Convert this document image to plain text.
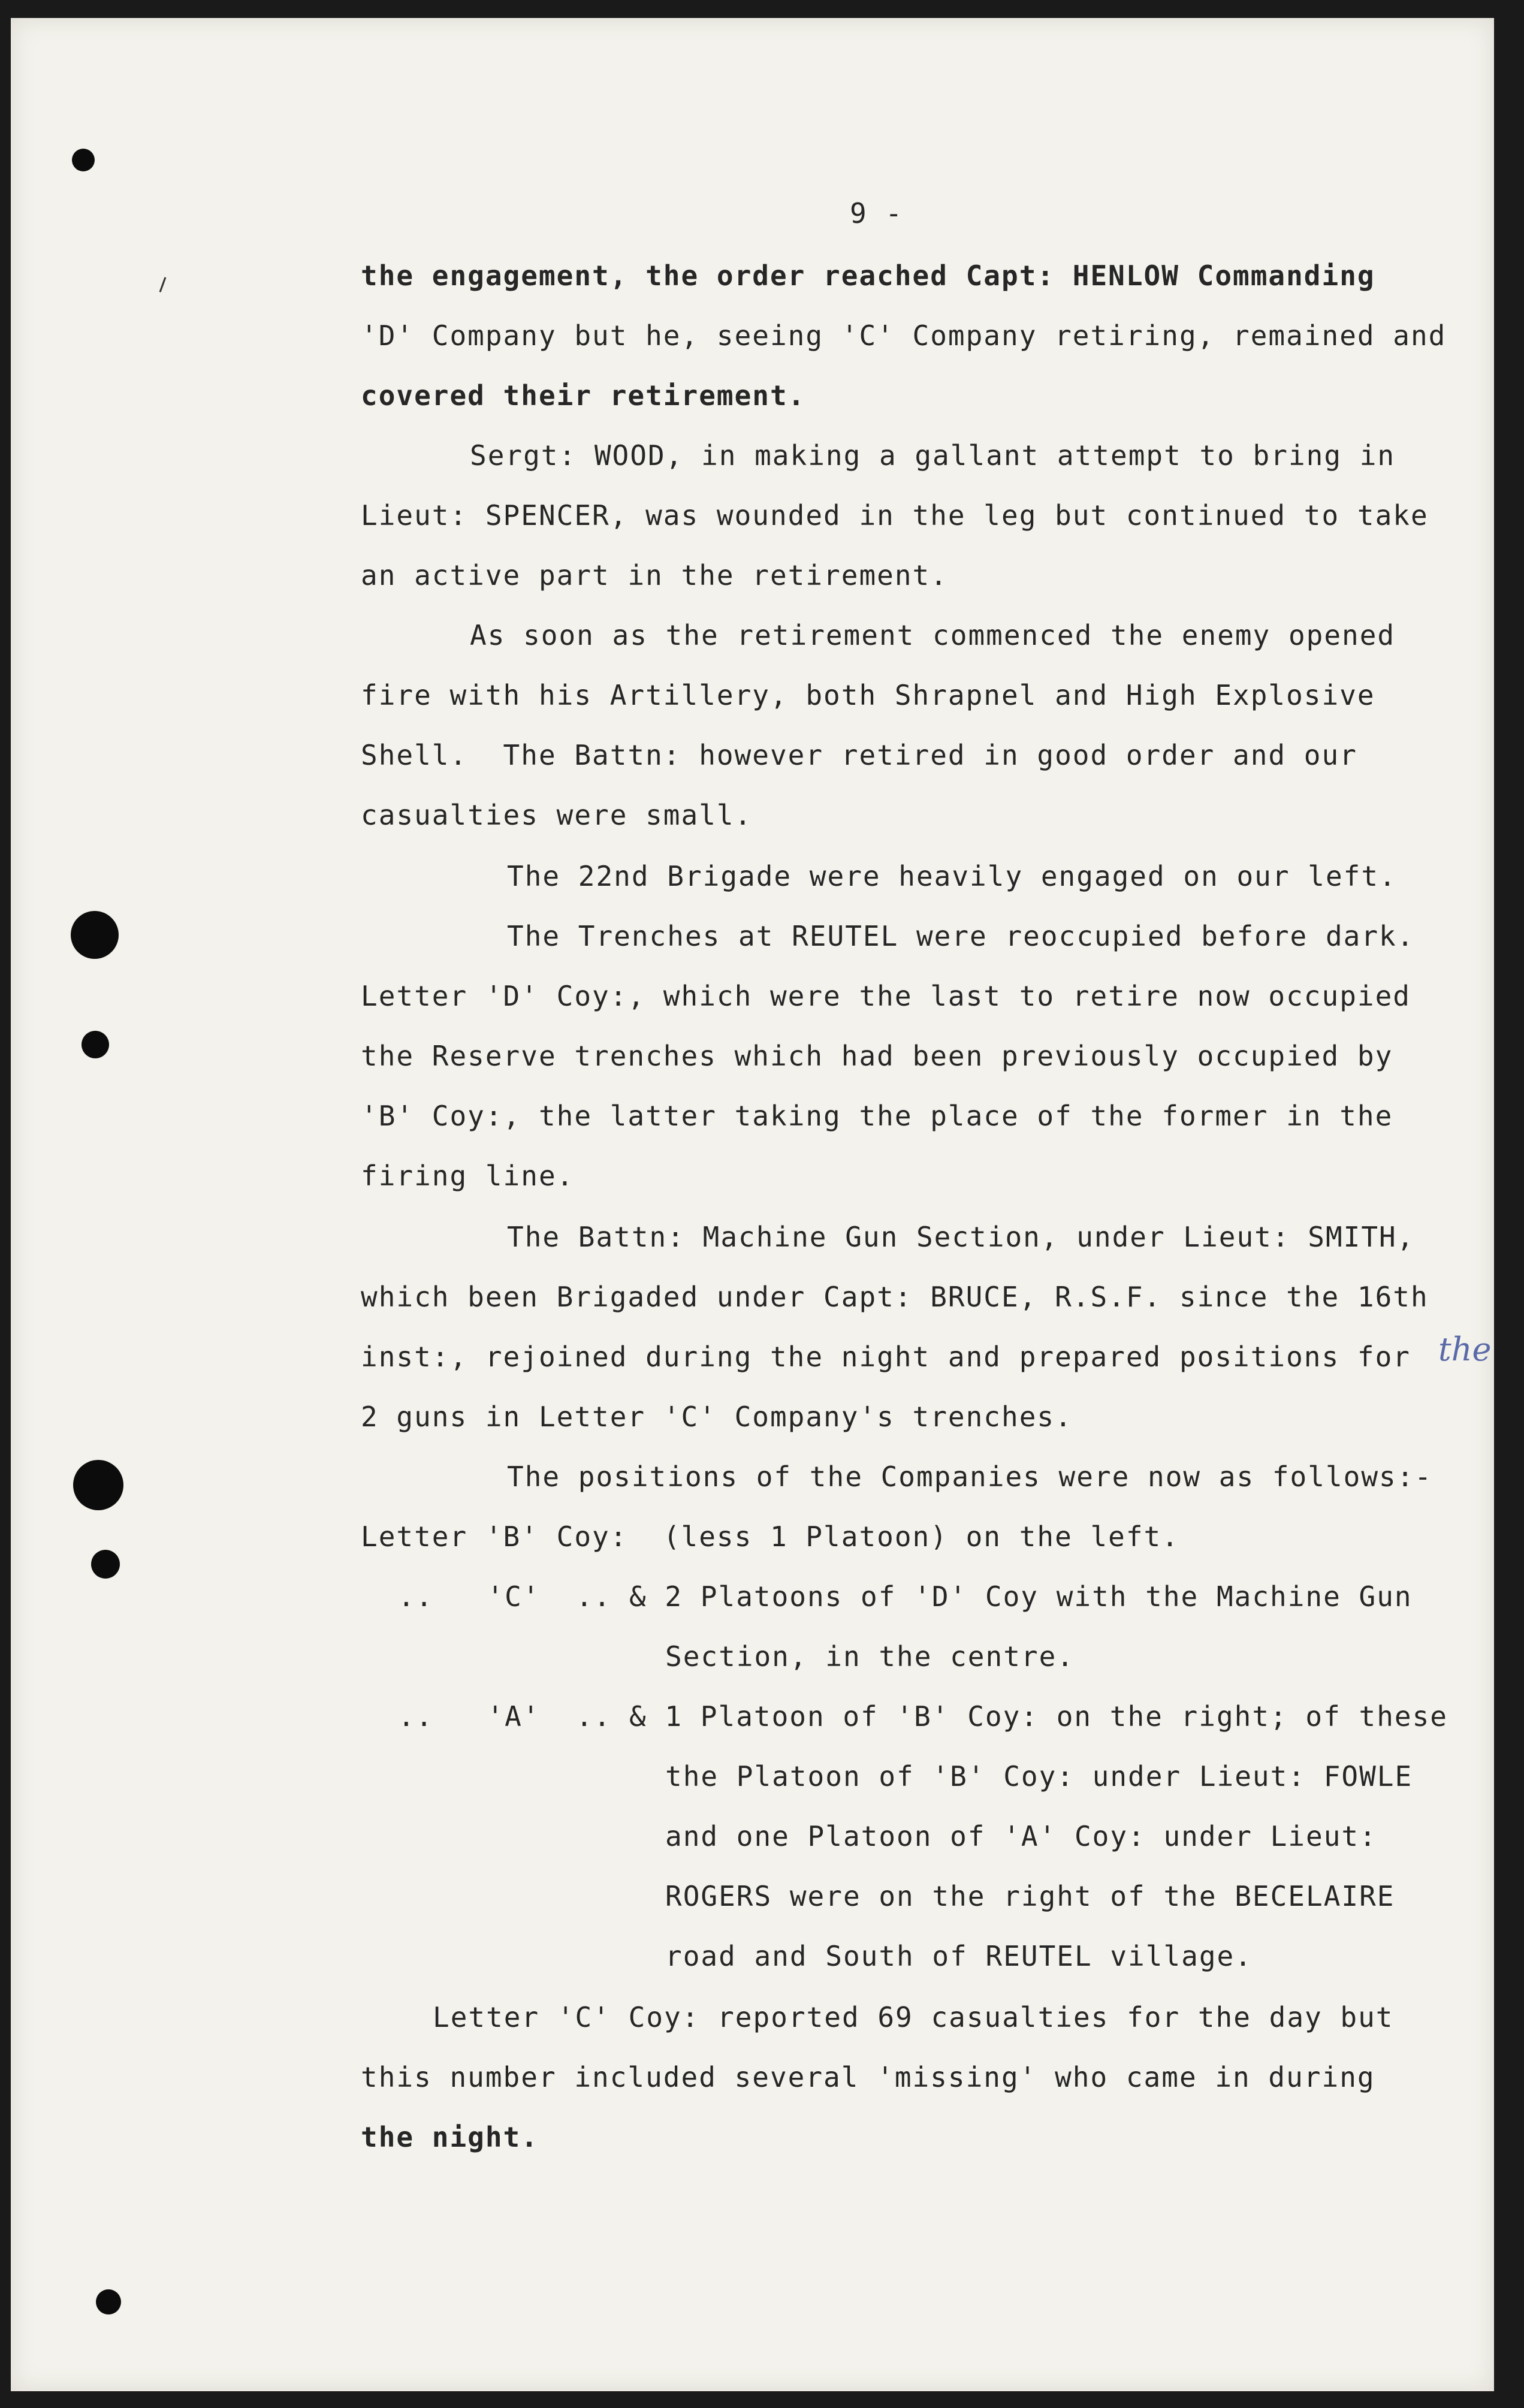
9 -
the engagement, the order reached Capt: HENLOW Commanding
'D' Company but he, seeing 'C' Company retiring, remained and
covered their retirement.
Sergt: WOOD, in making a gallant attempt to bring in
Lieut: SPENCER, was wounded in the leg but continued to take
an active part in the retirement.
As soon as the retirement commenced the enemy opened
fire with his Artillery, both Shrapnel and High Explosive
Shell.  The Battn: however retired in good order and our
casualties were small.
The 22nd Brigade were heavily engaged on our left.
The Trenches at REUTEL were reoccupied before dark.
Letter 'D' Coy:, which were the last to retire now occupied
the Reserve trenches which had been previously occupied by
'B' Coy:, the latter taking the place of the former in the
firing line.
The Battn: Machine Gun Section, under Lieut: SMITH,
which been Brigaded under Capt: BRUCE, R.S.F. since the 16th
inst:, rejoined during the night and prepared positions for the
2 guns in Letter 'C' Company's trenches.
The positions of the Companies were now as follows:-
Letter 'B' Coy:  (less 1 Platoon) on the left.
..   'C'  .. & 2 Platoons of 'D' Coy with the Machine Gun
Section, in the centre.
..   'A'  .. & 1 Platoon of 'B' Coy: on the right; of these
the Platoon of 'B' Coy: under Lieut: FOWLE
and one Platoon of 'A' Coy: under Lieut:
ROGERS were on the right of the BECELAIRE
road and South of REUTEL village.
Letter 'C' Coy: reported 69 casualties for the day but
this number included several 'missing' who came in during
the night.
